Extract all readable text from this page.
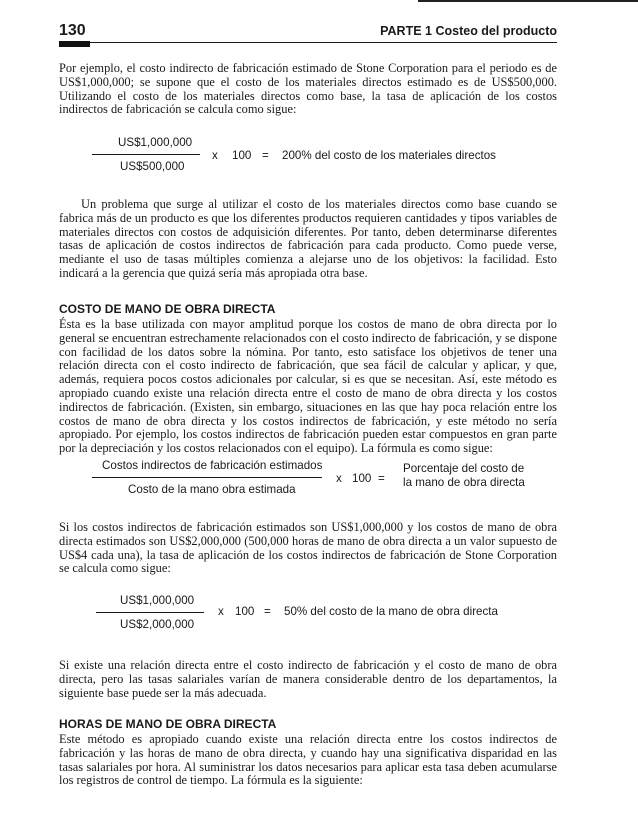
130	PARTE 1 Costeo del producto

Por ejemplo, el costo indirecto de fabricación estimado de Stone Corporation para el periodo es de US$1,000,000; se supone que el costo de los materiales directos estimado es de US$500,000. Utilizando el costo de los materiales directos como base, la tasa de aplicación de los costos indirectos de fabricación se calcula como sigue:

US$1,000,000
US$500,000
x 100 = 200% del costo de los materiales directos

Un problema que surge al utilizar el costo de los materiales directos como base cuando se fabrica más de un producto es que los diferentes productos requieren cantidades y tipos variables de materiales directos con costos de adquisición diferentes. Por tanto, deben determinarse diferentes tasas de aplicación de costos indirectos de fabricación para cada producto. Como puede verse, mediante el uso de tasas múltiples comienza a alejarse uno de los objetivos: la facilidad. Esto indicará a la gerencia que quizá sería más apropiada otra base.

COSTO DE MANO DE OBRA DIRECTA

Ésta es la base utilizada con mayor amplitud porque los costos de mano de obra directa por lo general se encuentran estrechamente relacionados con el costo indirecto de fabricación, y se dispone con facilidad de los datos sobre la nómina. Por tanto, esto satisface los objetivos de tener una relación directa con el costo indirecto de fabricación, que sea fácil de calcular y aplicar, y que, además, requiera pocos costos adicionales por calcular, si es que se necesitan. Así, este método es apropiado cuando existe una relación directa entre el costo de mano de obra directa y los costos indirectos de fabricación. (Existen, sin embargo, situaciones en las que hay poca relación entre los costos de mano de obra directa y los costos indirectos de fabricación, y este método no sería apropiado. Por ejemplo, los costos indirectos de fabricación pueden estar compuestos en gran parte por la depreciación y los costos relacionados con el equipo). La fórmula es como sigue:

Costos indirectos de fabricación estimados
Costo de la mano obra estimada
x 100 =
Porcentaje del costo de
la mano de obra directa

Si los costos indirectos de fabricación estimados son US$1,000,000 y los costos de mano de obra directa estimados son US$2,000,000 (500,000 horas de mano de obra directa a un valor supuesto de US$4 cada una), la tasa de aplicación de los costos indirectos de fabricación de Stone Corporation se calcula como sigue:

US$1,000,000
US$2,000,000
x 100 = 50% del costo de la mano de obra directa

Si existe una relación directa entre el costo indirecto de fabricación y el costo de mano de obra directa, pero las tasas salariales varían de manera considerable dentro de los departamentos, la siguiente base puede ser la más adecuada.

HORAS DE MANO DE OBRA DIRECTA

Este método es apropiado cuando existe una relación directa entre los costos indirectos de fabricación y las horas de mano de obra directa, y cuando hay una significativa disparidad en las tasas salariales por hora. Al suministrar los datos necesarios para aplicar esta tasa deben acumularse los registros de control de tiempo. La fórmula es la siguiente:
